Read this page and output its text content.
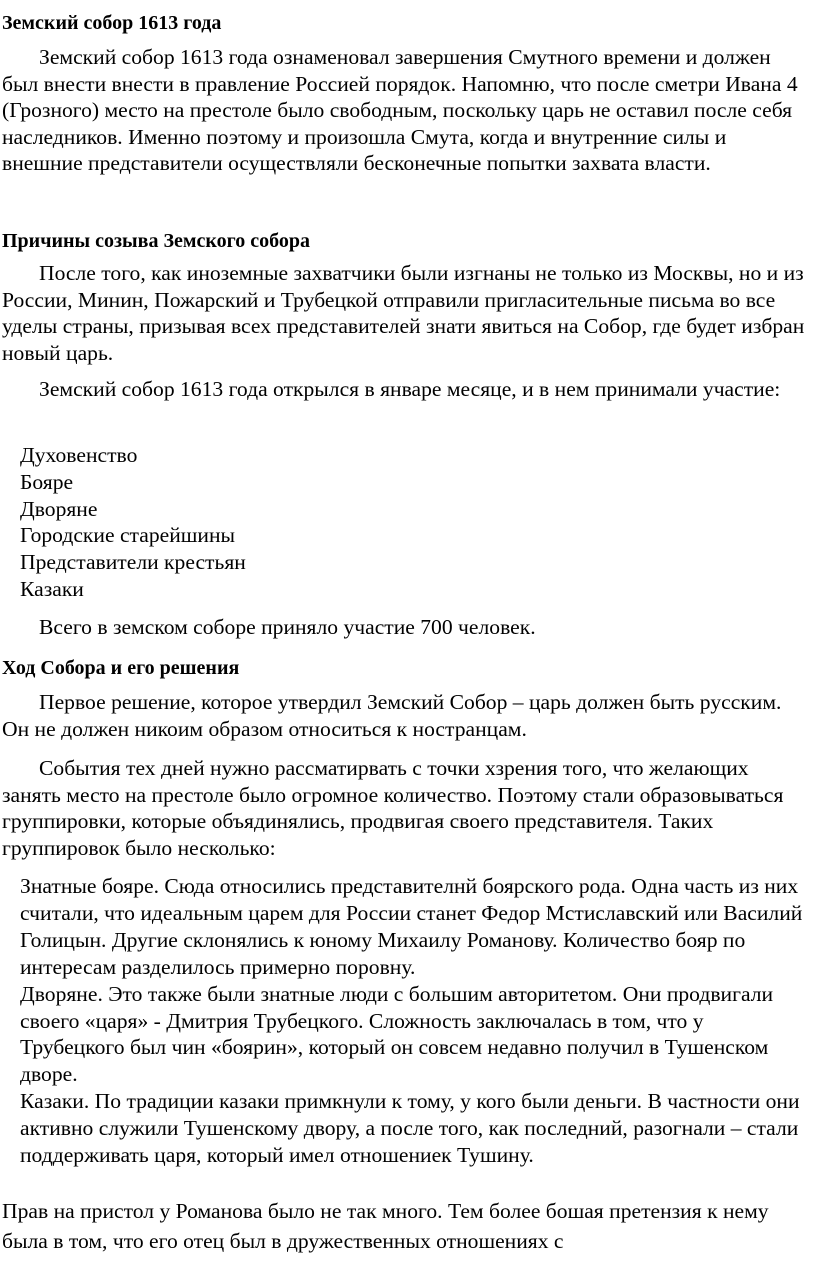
Земский собор 1613 года

Земский собор 1613 года ознаменовал завершения Смутного времени и должен был внести внести в правление Россией порядок. Напомню, что после сметри Ивана 4 (Грозного) место на престоле было свободным, поскольку царь не оставил после себя наследников. Именно поэтому и произошла Смута, когда и внутренние силы и внешние представители осуществляли бесконечные попытки захвата власти.

Причины созыва Земского собора

После того, как иноземные захватчики были изгнаны не только из Москвы, но и из России, Минин, Пожарский и Трубецкой отправили пригласительные письма во все уделы страны, призывая всех представителей знати явиться на Собор, где будет избран новый царь.

Земский собор 1613 года открылся в январе месяце, и в нем принимали участие:

Духовенство
Бояре
Дворяне
Городские старейшины
Представители крестьян
Казаки

Всего в земском соборе приняло участие 700 человек.

Ход Собора и его решения

Первое решение, которое утвердил Земский Собор – царь должен быть русским. Он не должен никоим образом относиться к ностранцам.

События тех дней нужно рассматирвать с точки хзрения того, что желающих занять место на престоле было огромное количество. Поэтому стали образовываться группировки, которые объядинялись, продвигая своего представителя. Таких группировок было несколько:

Знатные бояре. Сюда относились представителнй боярского рода. Одна часть из них считали, что идеальным царем для России станет Федор Мстиславский или Василий Голицын. Другие склонялись к юному Михаилу Романову. Количество бояр по интересам разделилось примерно поровну.
Дворяне. Это также были знатные люди с большим авторитетом. Они продвигали своего «царя» - Дмитрия Трубецкого. Сложность заключалась в том, что у Трубецкого был чин «боярин», который он совсем недавно получил в Тушенском дворе.
Казаки. По традиции казаки примкнули к тому, у кого были деньги. В частности они активно служили Тушенскому двору, а после того, как последний, разогнали – стали поддерживать царя, который имел отношениек Тушину.

Прав на пристол у Романова было не так много. Тем более бошая претензия к нему была в том, что его отец был в дружественных отношениях с
